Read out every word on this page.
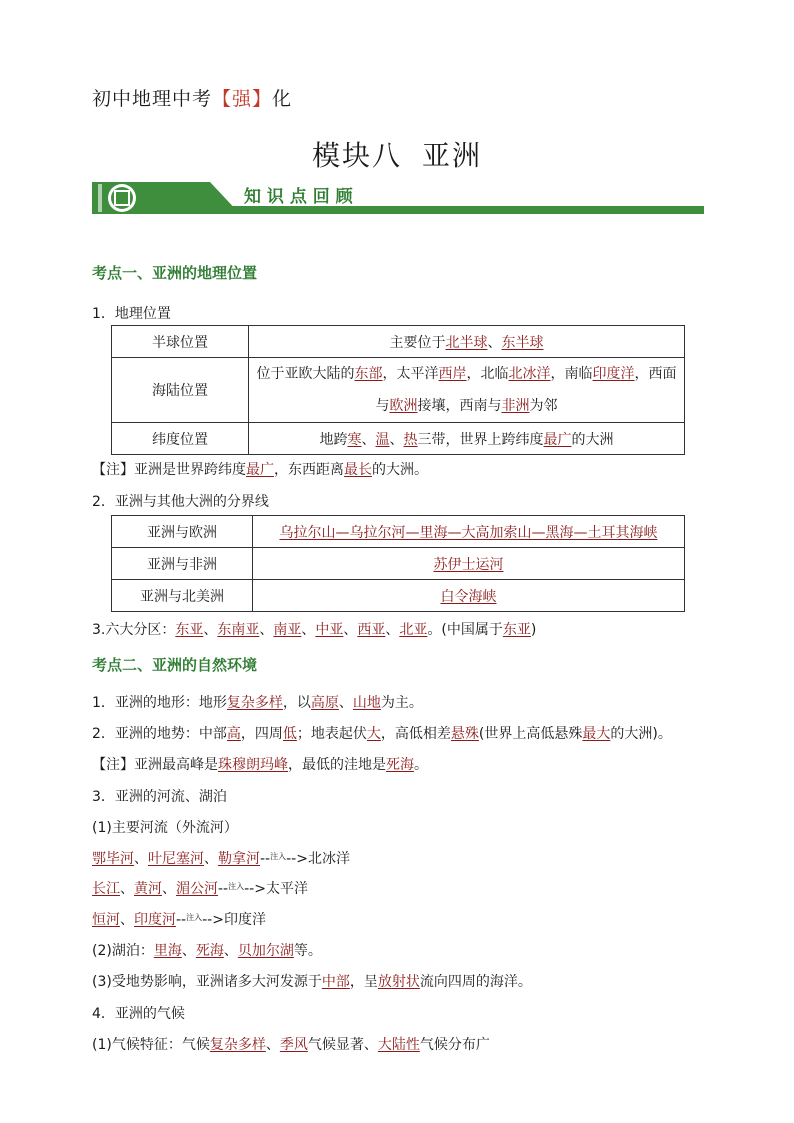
初中地理中考【强】化
模块八 亚洲
知 识 点 回 顾
考点一、亚洲的地理位置
1．地理位置
半球位置	主要位于北半球、东半球
海陆位置	位于亚欧大陆的东部，太平洋西岸，北临北冰洋，南临印度洋，西面
与欧洲接壤，西南与非洲为邻

纬度位置	地跨寒、温、热三带，世界上跨纬度最广的大洲
【注】亚洲是世界跨纬度最广，东西距离最长的大洲。
2．亚洲与其他大洲的分界线
亚洲与欧洲	乌拉尔山—乌拉尔河—里海—大高加索山—黑海—土耳其海峡
亚洲与非洲	苏伊士运河
亚洲与北美洲	白令海峡
3.六大分区：东亚、东南亚、南亚、中亚、西亚、北亚。(中国属于东亚)
考点二、亚洲的自然环境
1．亚洲的地形：地形复杂多样，以高原、山地为主。
2．亚洲的地势：中部高，四周低；地表起伏大，高低相差悬殊(世界上高低悬殊最大的大洲)。
【注】亚洲最高峰是珠穆朗玛峰，最低的洼地是死海。
3．亚洲的河流、湖泊
(1)主要河流（外流河）
鄂毕河、叶尼塞河、勒拿河--$^{注入}$-->北冰洋
长江、黄河、湄公河--$^{注入}$-->太平洋
恒河、印度河--$^{注入}$-->印度洋
(2)湖泊：里海、死海、贝加尔湖等。
(3)受地势影响，亚洲诸多大河发源于中部，呈放射状流向四周的海洋。
4．亚洲的气候
(1)气候特征：气候复杂多样、季风气候显著、大陆性气候分布广
